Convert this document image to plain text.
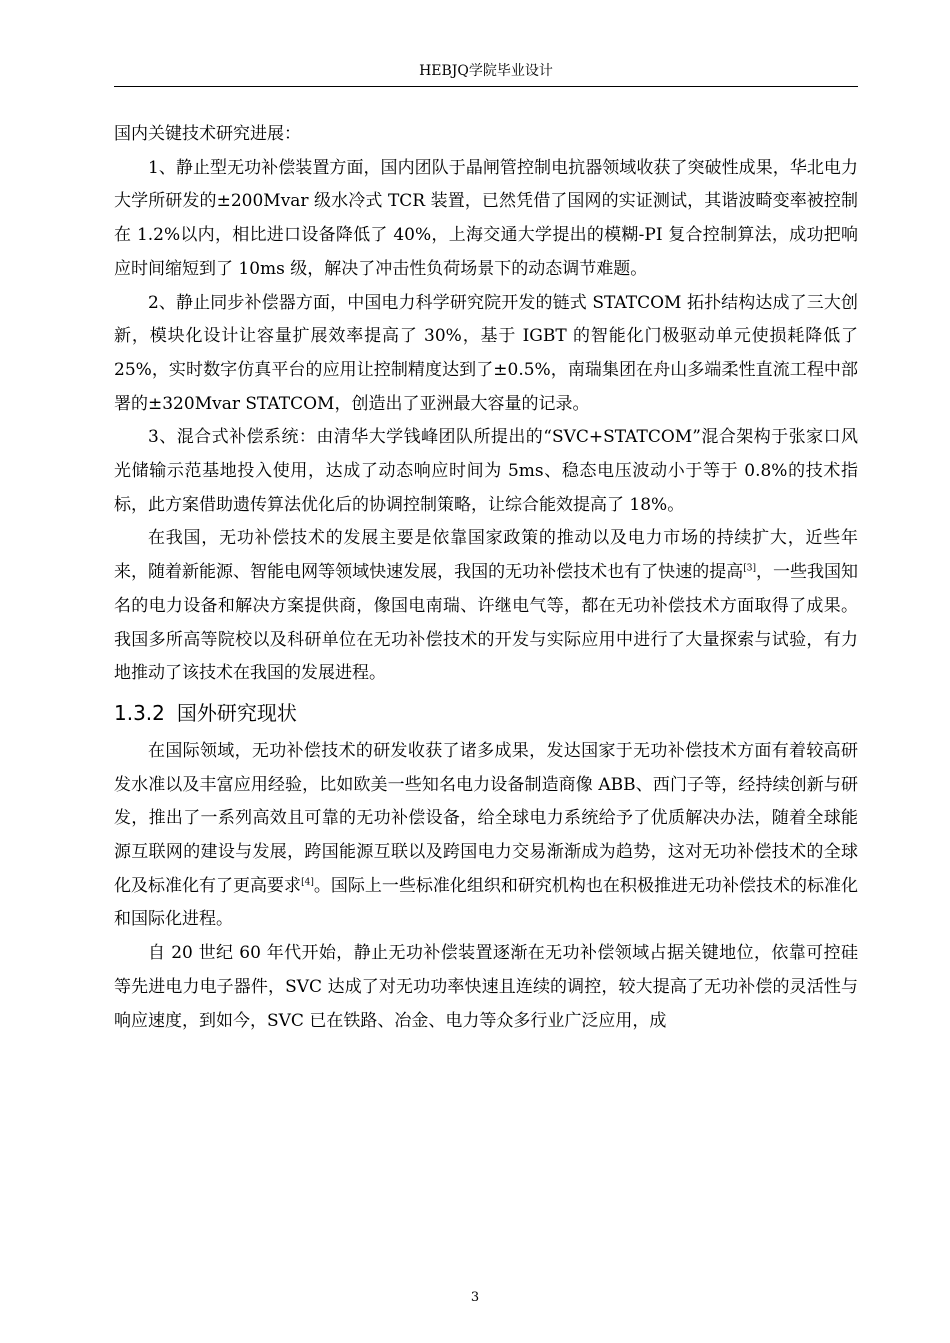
HEBJQ学院毕业设计

国内关键技术研究进展：

1、静止型无功补偿装置方面，国内团队于晶闸管控制电抗器领域收获了突破性成果，华北电力大学所研发的±200Mvar 级水冷式 TCR 装置，已然凭借了国网的实证测试，其谐波畸变率被控制在 1.2%以内，相比进口设备降低了 40%，上海交通大学提出的模糊-PI 复合控制算法，成功把响应时间缩短到了 10ms 级，解决了冲击性负荷场景下的动态调节难题。

2、静止同步补偿器方面，中国电力科学研究院开发的链式 STATCOM 拓扑结构达成了三大创新，模块化设计让容量扩展效率提高了 30%，基于 IGBT 的智能化门极驱动单元使损耗降低了 25%，实时数字仿真平台的应用让控制精度达到了±0.5%，南瑞集团在舟山多端柔性直流工程中部署的±320Mvar STATCOM，创造出了亚洲最大容量的记录。

3、混合式补偿系统：由清华大学钱峰团队所提出的“SVC+STATCOM”混合架构于张家口风光储输示范基地投入使用，达成了动态响应时间为 5ms、稳态电压波动小于等于 0.8%的技术指标，此方案借助遗传算法优化后的协调控制策略，让综合能效提高了 18%。

在我国，无功补偿技术的发展主要是依靠国家政策的推动以及电力市场的持续扩大，近些年来，随着新能源、智能电网等领域快速发展，我国的无功补偿技术也有了快速的提高[3]，一些我国知名的电力设备和解决方案提供商，像国电南瑞、许继电气等，都在无功补偿技术方面取得了成果。我国多所高等院校以及科研单位在无功补偿技术的开发与实际应用中进行了大量探索与试验，有力地推动了该技术在我国的发展进程。

1.3.2 国外研究现状

在国际领域，无功补偿技术的研发收获了诸多成果，发达国家于无功补偿技术方面有着较高研发水准以及丰富应用经验，比如欧美一些知名电力设备制造商像 ABB、西门子等，经持续创新与研发，推出了一系列高效且可靠的无功补偿设备，给全球电力系统给予了优质解决办法，随着全球能源互联网的建设与发展，跨国能源互联以及跨国电力交易渐渐成为趋势，这对无功补偿技术的全球化及标准化有了更高要求[4]。国际上一些标准化组织和研究机构也在积极推进无功补偿技术的标准化和国际化进程。

自 20 世纪 60 年代开始，静止无功补偿装置逐渐在无功补偿领域占据关键地位，依靠可控硅等先进电力电子器件，SVC 达成了对无功功率快速且连续的调控，较大提高了无功补偿的灵活性与响应速度，到如今，SVC 已在铁路、冶金、电力等众多行业广泛应用，成

3
